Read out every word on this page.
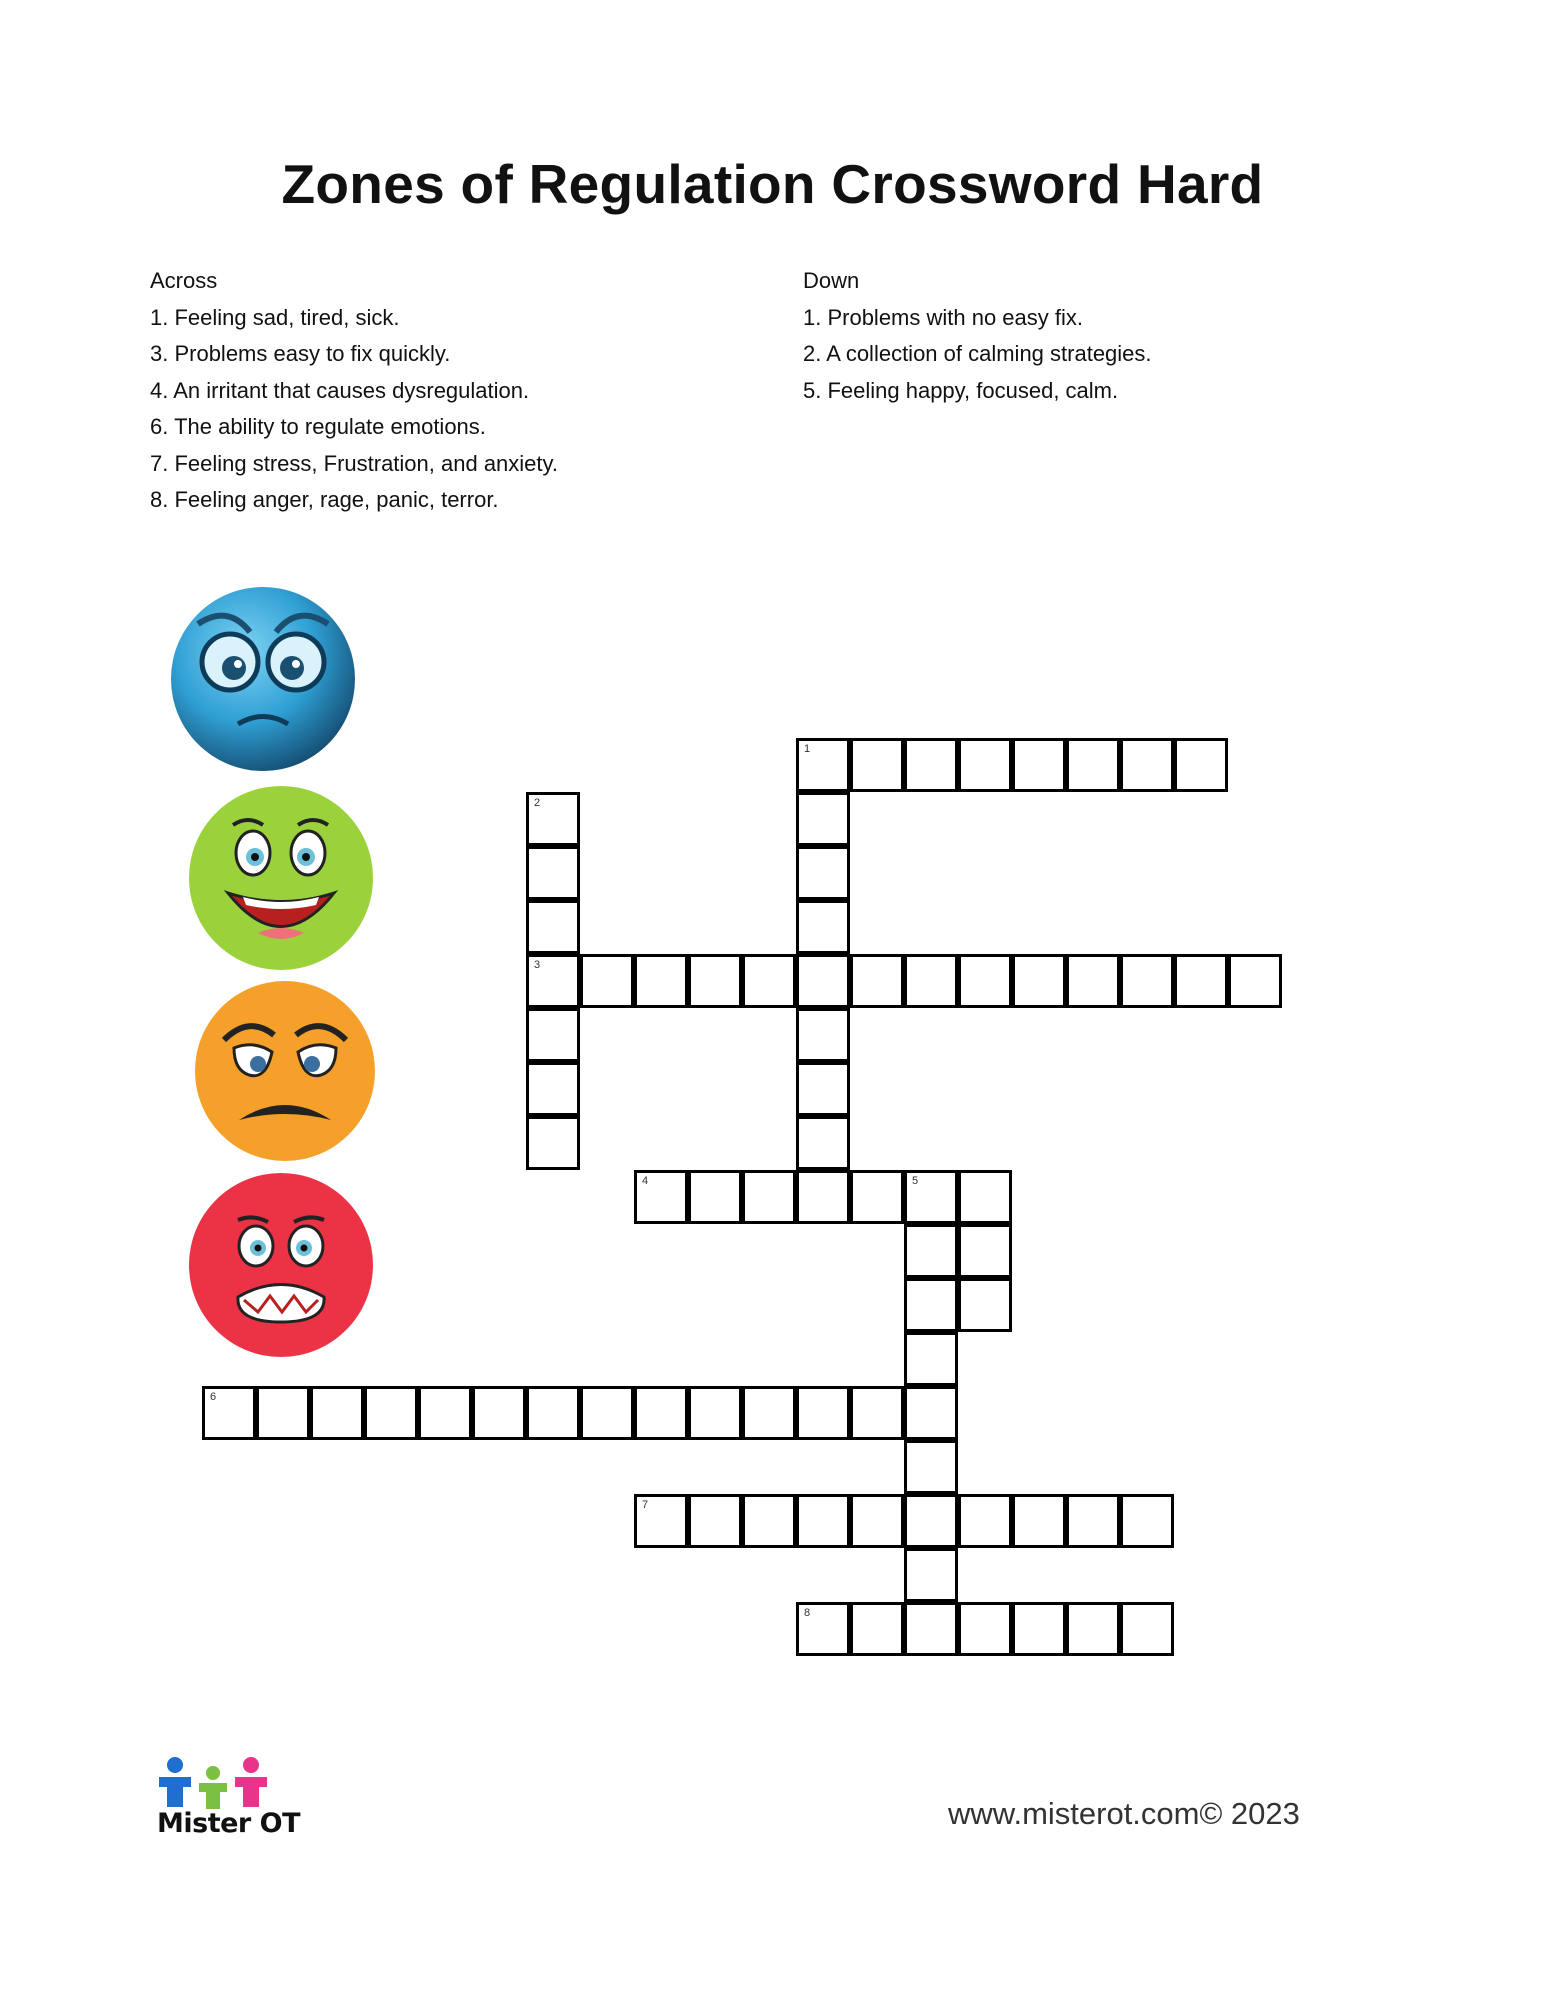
Zones of Regulation Crossword Hard
Across
1. Feeling sad, tired, sick.
3. Problems easy to fix quickly.
4. An irritant that causes dysregulation.
6. The ability to regulate emotions.
7. Feeling stress, Frustration, and anxiety.
8. Feeling anger, rage, panic, terror.
Down
1. Problems with no easy fix.
2. A collection of calming strategies.
5. Feeling happy, focused, calm.
1
2
3
4	5
6
7
8
Mister OT	www.misterot.com© 2023
